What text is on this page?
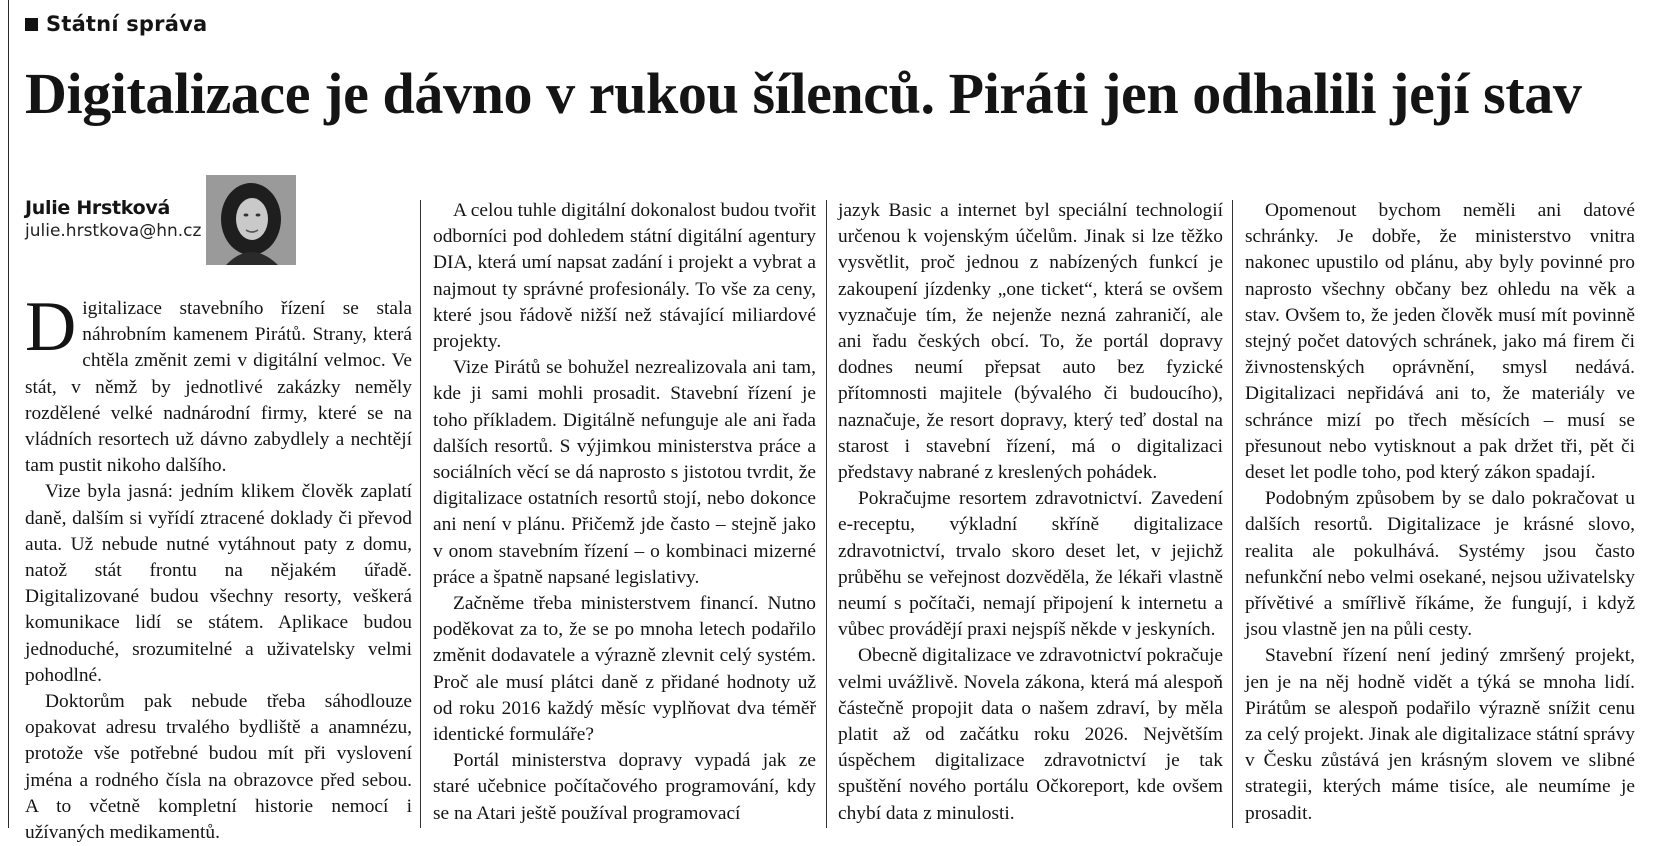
Státní správa
Digitalizace je dávno v rukou šílenců. Piráti jen odhalili její stav
Julie Hrstková
julie.hrstkova@hn.cz

Digitalizace stavebního řízení se stala náhrobním kamenem Pirátů. Strany, která chtěla změnit zemi v digitální velmoc. Ve stát, v němž by jednotlivé zakázky neměly rozdělené velké nadnárodní firmy, které se na vládních resortech už dávno zabydlely a nechtějí tam pustit nikoho dalšího.

Vize byla jasná: jedním klikem člověk zaplatí daně, dalším si vyřídí ztracené doklady či převod auta. Už nebude nutné vytáhnout paty z domu, natož stát frontu na nějakém úřadě. Digitalizované budou všechny resorty, veškerá komunikace lidí se státem. Aplikace budou jednoduché, srozumitelné a uživatelsky velmi pohodlné.

Doktorům pak nebude třeba sáhodlouze opakovat adresu trvalého bydliště a anamnézu, protože vše potřebné budou mít při vyslovení jména a rodného čísla na obrazovce před sebou. A to včetně kompletní historie nemocí i užívaných medikamentů.

A celou tuhle digitální dokonalost budou tvořit odborníci pod dohledem státní digitální agentury DIA, která umí napsat zadání i projekt a vybrat a najmout ty správné profesionály. To vše za ceny, které jsou řádově nižší než stávající miliardové projekty.

Vize Pirátů se bohužel nezrealizovala ani tam, kde ji sami mohli prosadit. Stavební řízení je toho příkladem. Digitálně nefunguje ale ani řada dalších resortů. S výjimkou ministerstva práce a sociálních věcí se dá naprosto s jistotou tvrdit, že digitalizace ostatních resortů stojí, nebo dokonce ani není v plánu. Přičemž jde často – stejně jako v onom stavebním řízení – o kombinaci mizerné práce a špatně napsané legislativy.

Začněme třeba ministerstvem financí. Nutno poděkovat za to, že se po mnoha letech podařilo změnit dodavatele a výrazně zlevnit celý systém. Proč ale musí plátci daně z přidané hodnoty už od roku 2016 každý měsíc vyplňovat dva téměř identické formuláře?

Portál ministerstva dopravy vypadá jak ze staré učebnice počítačového programování, kdy se na Atari ještě používal programovací

jazyk Basic a internet byl speciální technologií určenou k vojenským účelům. Jinak si lze těžko vysvětlit, proč jednou z nabízených funkcí je zakoupení jízdenky „one ticket“, která se ovšem vyznačuje tím, že nejenže nezná zahraničí, ale ani řadu českých obcí. To, že portál dopravy dodnes neumí přepsat auto bez fyzické přítomnosti majitele (bývalého či budoucího), naznačuje, že resort dopravy, který teď dostal na starost i stavební řízení, má o digitalizaci představy nabrané z kreslených pohádek.

Pokračujme resortem zdravotnictví. Zavedení e-receptu, výkladní skříně digitalizace zdravotnictví, trvalo skoro deset let, v jejichž průběhu se veřejnost dozvěděla, že lékaři vlastně neumí s počítači, nemají připojení k internetu a vůbec provádějí praxi nejspíš někde v jeskyních.

Obecně digitalizace ve zdravotnictví pokračuje velmi uvážlivě. Novela zákona, která má alespoň částečně propojit data o našem zdraví, by měla platit až od začátku roku 2026. Největším úspěchem digitalizace zdravotnictví je tak spuštění nového portálu Očkoreport, kde ovšem chybí data z minulosti.

Opomenout bychom neměli ani datové schránky. Je dobře, že ministerstvo vnitra nakonec upustilo od plánu, aby byly povinné pro naprosto všechny občany bez ohledu na věk a stav. Ovšem to, že jeden člověk musí mít povinně stejný počet datových schránek, jako má firem či živnostenských oprávnění, smysl nedává. Digitalizaci nepřidává ani to, že materiály ve schránce mizí po třech měsících – musí se přesunout nebo vytisknout a pak držet tři, pět či deset let podle toho, pod který zákon spadají.

Podobným způsobem by se dalo pokračovat u dalších resortů. Digitalizace je krásné slovo, realita ale pokulhává. Systémy jsou často nefunkční nebo velmi osekané, nejsou uživatelsky přívětivé a smířlivě říkáme, že fungují, i když jsou vlastně jen na půli cesty.

Stavební řízení není jediný zmršený projekt, jen je na něj hodně vidět a týká se mnoha lidí. Pirátům se alespoň podařilo výrazně snížit cenu za celý projekt. Jinak ale digitalizace státní správy v Česku zůstává jen krásným slovem ve slibné strategii, kterých máme tisíce, ale neumíme je prosadit.
